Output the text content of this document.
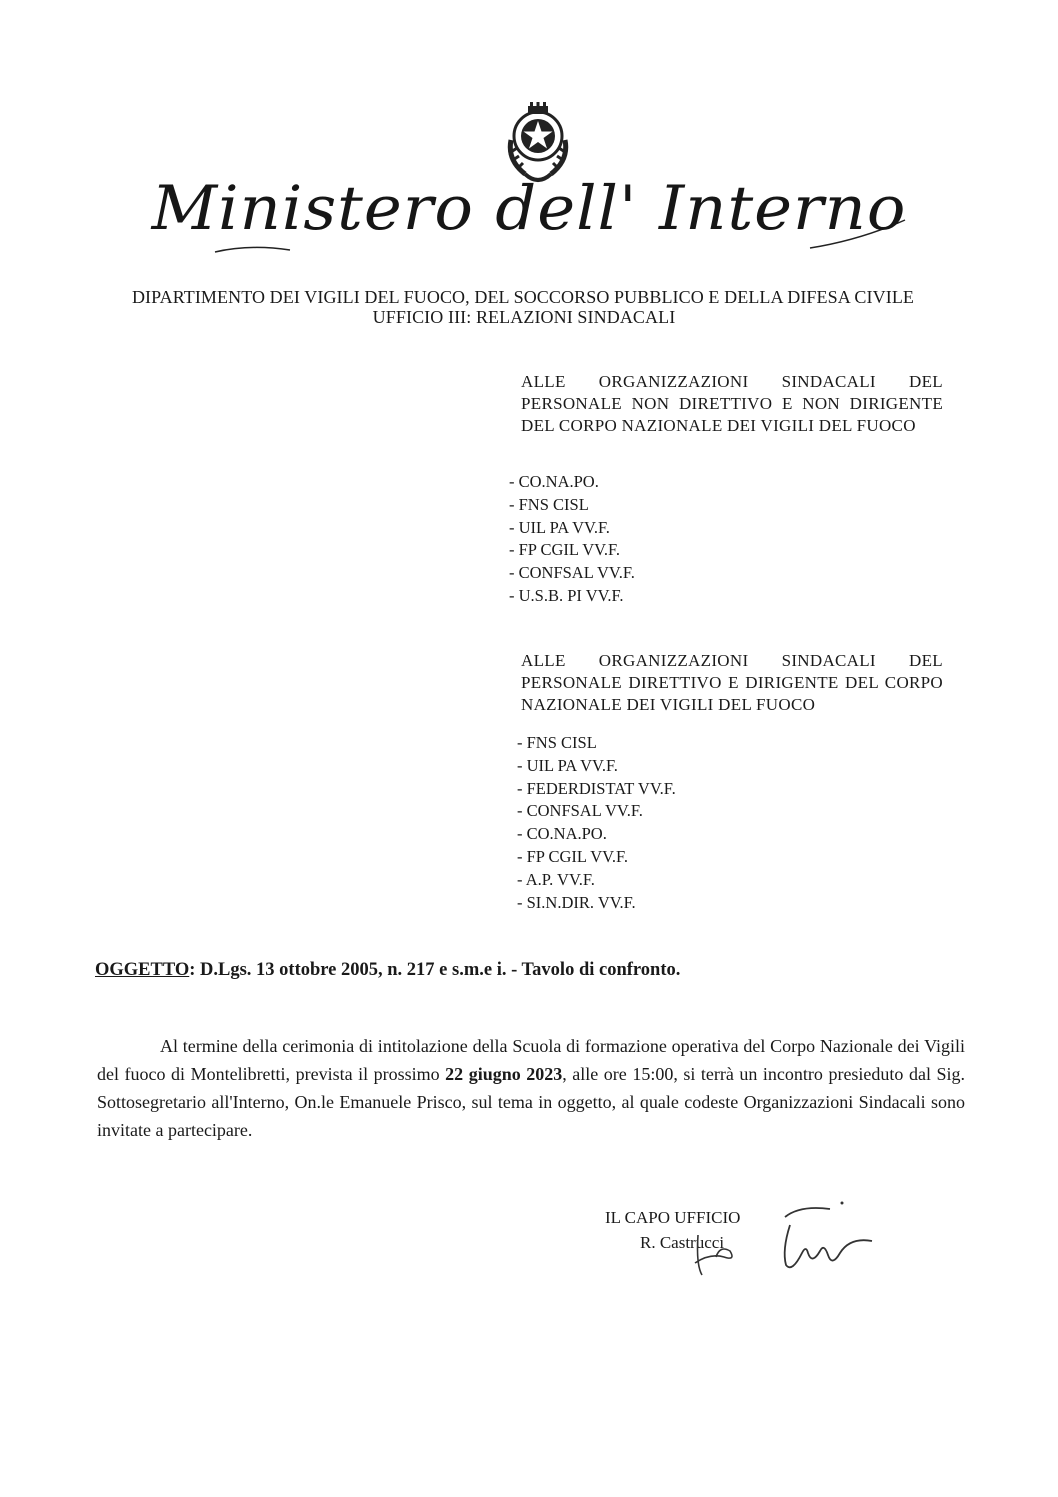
Ministero dell' Interno
DIPARTIMENTO DEI VIGILI DEL FUOCO, DEL SOCCORSO PUBBLICO E DELLA DIFESA CIVILE
UFFICIO III: RELAZIONI SINDACALI
ALLE ORGANIZZAZIONI SINDACALI DEL PERSONALE NON DIRETTIVO E NON DIRIGENTE DEL CORPO NAZIONALE DEI VIGILI DEL FUOCO
- CO.NA.PO.
- FNS CISL
- UIL PA VV.F.
- FP CGIL VV.F.
- CONFSAL VV.F.
- U.S.B. PI VV.F.
ALLE ORGANIZZAZIONI SINDACALI DEL PERSONALE DIRETTIVO E DIRIGENTE DEL CORPO NAZIONALE DEI VIGILI DEL FUOCO
- FNS CISL
- UIL PA VV.F.
- FEDERDISTAT VV.F.
- CONFSAL VV.F.
- CO.NA.PO.
- FP CGIL VV.F.
- A.P. VV.F.
- SI.N.DIR. VV.F.
OGGETTO: D.Lgs. 13 ottobre 2005, n. 217 e s.m.e i. - Tavolo di confronto.
Al termine della cerimonia di intitolazione della Scuola di formazione operativa del Corpo Nazionale dei Vigili del fuoco di Montelibretti, prevista il prossimo 22 giugno 2023, alle ore 15:00, si terrà un incontro presieduto dal Sig. Sottosegretario all'Interno, On.le Emanuele Prisco, sul tema in oggetto, al quale codeste Organizzazioni Sindacali sono invitate a partecipare.
IL CAPO UFFICIO
R. Castrucci
